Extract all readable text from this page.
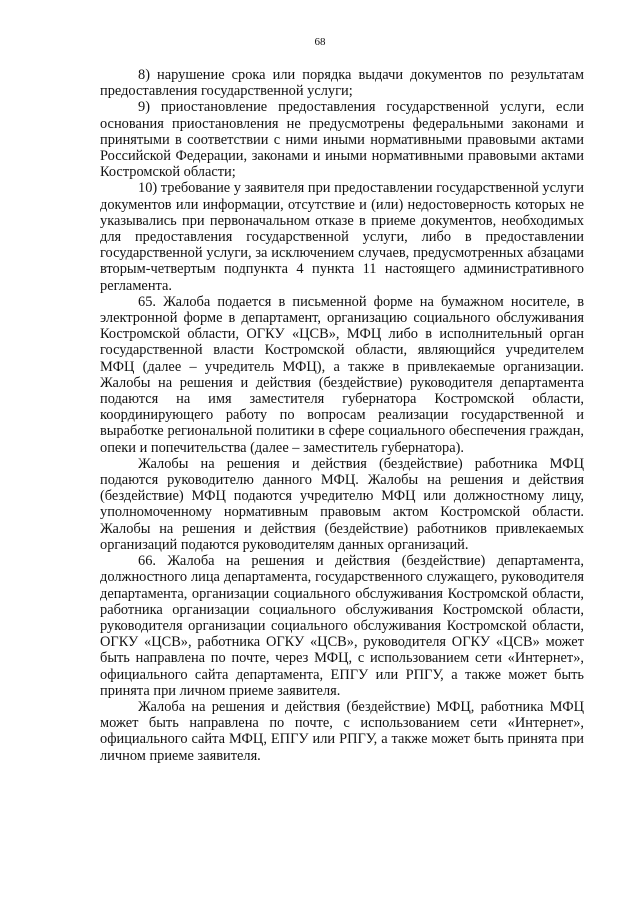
68

8) нарушение срока или порядка выдачи документов по результатам предоставления государственной услуги;

9) приостановление предоставления государственной услуги, если основания приостановления не предусмотрены федеральными законами и принятыми в соответствии с ними иными нормативными правовыми актами Российской Федерации, законами и иными нормативными правовыми актами Костромской области;

10) требование у заявителя при предоставлении государственной услуги документов или информации, отсутствие и (или) недостоверность которых не указывались при первоначальном отказе в приеме документов, необходимых для предоставления государственной услуги, либо в предоставлении государственной услуги, за исключением случаев, предусмотренных абзацами вторым-четвертым подпункта 4 пункта 11 настоящего административного регламента.

65. Жалоба подается в письменной форме на бумажном носителе, в электронной форме в департамент, организацию социального обслуживания Костромской области, ОГКУ «ЦСВ», МФЦ либо в исполнительный орган государственной власти Костромской области, являющийся учредителем МФЦ (далее – учредитель МФЦ), а также в привлекаемые организации. Жалобы на решения и действия (бездействие) руководителя департамента подаются на имя заместителя губернатора Костромской области, координирующего работу по вопросам реализации государственной и выработке региональной политики в сфере социального обеспечения граждан, опеки и попечительства (далее – заместитель губернатора).

Жалобы на решения и действия (бездействие) работника МФЦ подаются руководителю данного МФЦ. Жалобы на решения и действия (бездействие) МФЦ подаются учредителю МФЦ или должностному лицу, уполномоченному нормативным правовым актом Костромской области. Жалобы на решения и действия (бездействие) работников привлекаемых организаций подаются руководителям данных организаций.

66. Жалоба на решения и действия (бездействие) департамента, должностного лица департамента, государственного служащего, руководителя департамента, организации социального обслуживания Костромской области, работника организации социального обслуживания Костромской области, руководителя организации социального обслуживания Костромской области, ОГКУ «ЦСВ», работника ОГКУ «ЦСВ», руководителя ОГКУ «ЦСВ» может быть направлена по почте, через МФЦ, с использованием сети «Интернет», официального сайта департамента, ЕПГУ или РПГУ, а также может быть принята при личном приеме заявителя.

Жалоба на решения и действия (бездействие) МФЦ, работника МФЦ может быть направлена по почте, с использованием сети «Интернет», официального сайта МФЦ, ЕПГУ или РПГУ, а также может быть принята при личном приеме заявителя.
